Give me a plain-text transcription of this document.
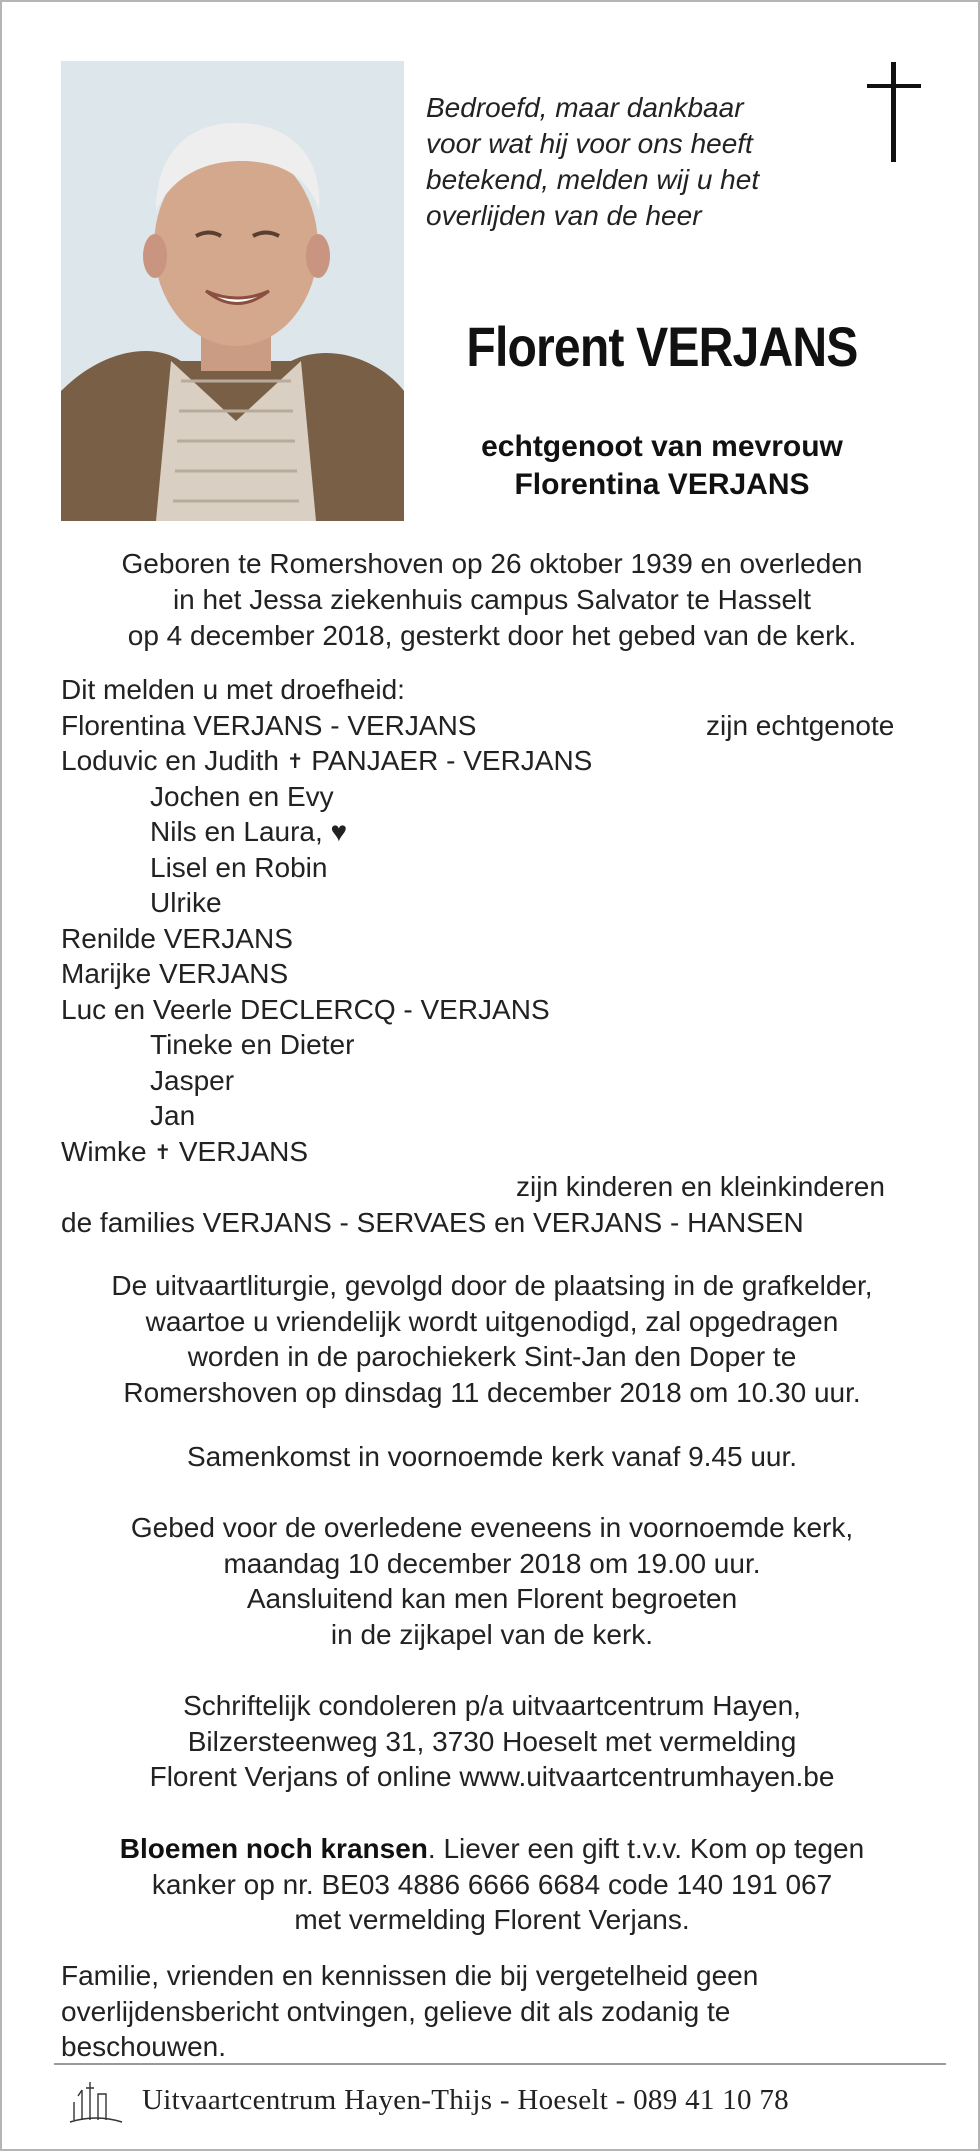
Bedroefd, maar dankbaar
voor wat hij voor ons heeft
betekend, melden wij u het
overlijden van de heer
Florent VERJANS
echtgenoot van mevrouw
Florentina VERJANS
Geboren te Romershoven op 26 oktober 1939 en overleden
in het Jessa ziekenhuis campus Salvator te Hasselt
op 4 december 2018, gesterkt door het gebed van de kerk.
Dit melden u met droefheid:
Florentina VERJANS - VERJANS	zijn echtgenote
Loduvic en Judith ✝ PANJAER - VERJANS
Jochen en Evy
Nils en Laura, ♥
Lisel en Robin
Ulrike
Renilde VERJANS
Marijke VERJANS
Luc en Veerle DECLERCQ - VERJANS
Tineke en Dieter
Jasper
Jan
Wimke ✝ VERJANS
zijn kinderen en kleinkinderen
de families VERJANS - SERVAES en VERJANS - HANSEN
De uitvaartliturgie, gevolgd door de plaatsing in de grafkelder,
waartoe u vriendelijk wordt uitgenodigd, zal opgedragen
worden in de parochiekerk Sint-Jan den Doper te
Romershoven op dinsdag 11 december 2018 om 10.30 uur.
Samenkomst in voornoemde kerk vanaf 9.45 uur.
Gebed voor de overledene eveneens in voornoemde kerk,
maandag 10 december 2018 om 19.00 uur.
Aansluitend kan men Florent begroeten
in de zijkapel van de kerk.
Schriftelijk condoleren p/a uitvaartcentrum Hayen,
Bilzersteenweg 31, 3730 Hoeselt met vermelding
Florent Verjans of online www.uitvaartcentrumhayen.be
Bloemen noch kransen. Liever een gift t.v.v. Kom op tegen
kanker op nr. BE03 4886 6666 6684 code 140 191 067
met vermelding Florent Verjans.
Familie, vrienden en kennissen die bij vergetelheid geen
overlijdensbericht ontvingen, gelieve dit als zodanig te
beschouwen.
Uitvaartcentrum Hayen-Thijs - Hoeselt - 089 41 10 78
